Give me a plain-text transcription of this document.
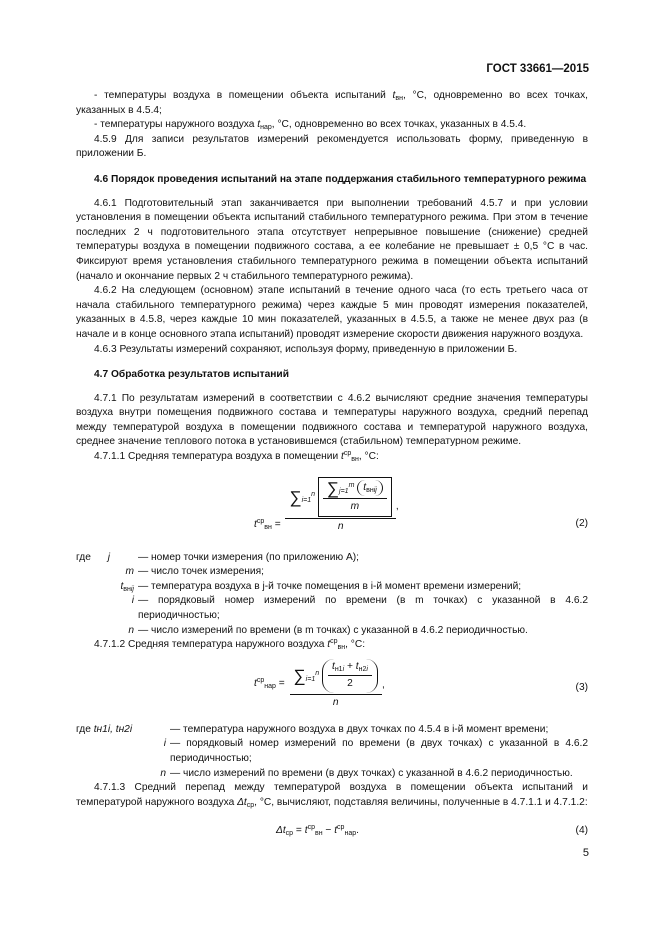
ГОСТ 33661—2015

- температуры воздуха в помещении объекта испытаний $t_{вн}$, °С, одновременно во всех точках, указанных в 4.5.4;

- температуры наружного воздуха $t_{нар}$, °С, одновременно во всех точках, указанных в 4.5.4.

4.5.9 Для записи результатов измерений рекомендуется использовать форму, приведенную в приложении Б.

4.6 Порядок проведения испытаний на этапе поддержания стабильного температурного режима

4.6.1 Подготовительный этап заканчивается при выполнении требований 4.5.7 и при условии установления в помещении объекта испытаний стабильного температурного режима. При этом в течение последних 2 ч подготовительного этапа отсутствует непрерывное повышение (снижение) средней температуры воздуха в помещении подвижного состава, а ее колебание не превышает ± 0,5 °С в час. Фиксируют время установления стабильного температурного режима в помещении объекта испытаний (начало и окончание первых 2 ч стабильного температурного режима).

4.6.2 На следующем (основном) этапе испытаний в течение одного часа (то есть третьего часа от начала стабильного температурного режима) через каждые 5 мин проводят измерения показателей, указанных в 4.5.8, через каждые 10 мин показателей, указанных в 4.5.5, а также не менее двух раз (в начале и в конце основного этапа испытаний) проводят измерение скорости движения наружного воздуха.

4.6.3 Результаты измерений сохраняют, используя форму, приведенную в приложении Б.

4.7 Обработка результатов испытаний

4.7.1 По результатам измерений в соответствии с 4.6.2 вычисляют средние значения температуры воздуха внутри помещения подвижного состава и температуры наружного воздуха, средний перепад между температурой воздуха в помещении подвижного состава и температурой наружного воздуха, среднее значение теплового потока в установившемся (стабильном) температурном режиме.

4.7.1.1 Средняя температура воздуха в помещении $t^{ср}_{вн}$, °С:

$t^{ср}_{вн}$ =
$\sum_{i=1}^n \frac{\sum_{j=1}^m t_{внij}}{m}$
n
,
(2)
где j	— номер точки измерения (по приложению А);
m — число точек измерения;
$t_{внij}$ — температура воздуха в j-й точке помещения в i-й момент времени измерений;
i — порядковый номер измерений по времени (в m точках) с указанной в 4.6.2 периодичностью;
n — число измерений по времени (в m точках) с указанной в 4.6.2 периодичностью.

4.7.1.2 Средняя температура наружного воздуха $t^{ср}_{вн}$, °С:

$t^{ср}_{нар} = \sum_{i=1}^n \frac{t_{н1i} + t_{н2i}}{2}$
n
,	(3)
где tн1i, tн2i	— температура наружного воздуха в двух точках по 4.5.4 в i-й момент времени;
i — порядковый номер измерений по времени (в двух точках) с указанной в 4.6.2 периодичностью;
n — число измерений по времени (в двух точках) с указанной в 4.6.2 периодичностью.

4.7.1.3 Средний перепад между температурой воздуха в помещении объекта испытаний и температурой наружного воздуха $\Delta t_{ср}$, °С, вычисляют, подставляя величины, полученные в 4.7.1.1 и 4.7.1.2:

$\Delta t_{ср} = t^{ср}_{вн} - t^{ср}_{нар}$.	(4)
5
